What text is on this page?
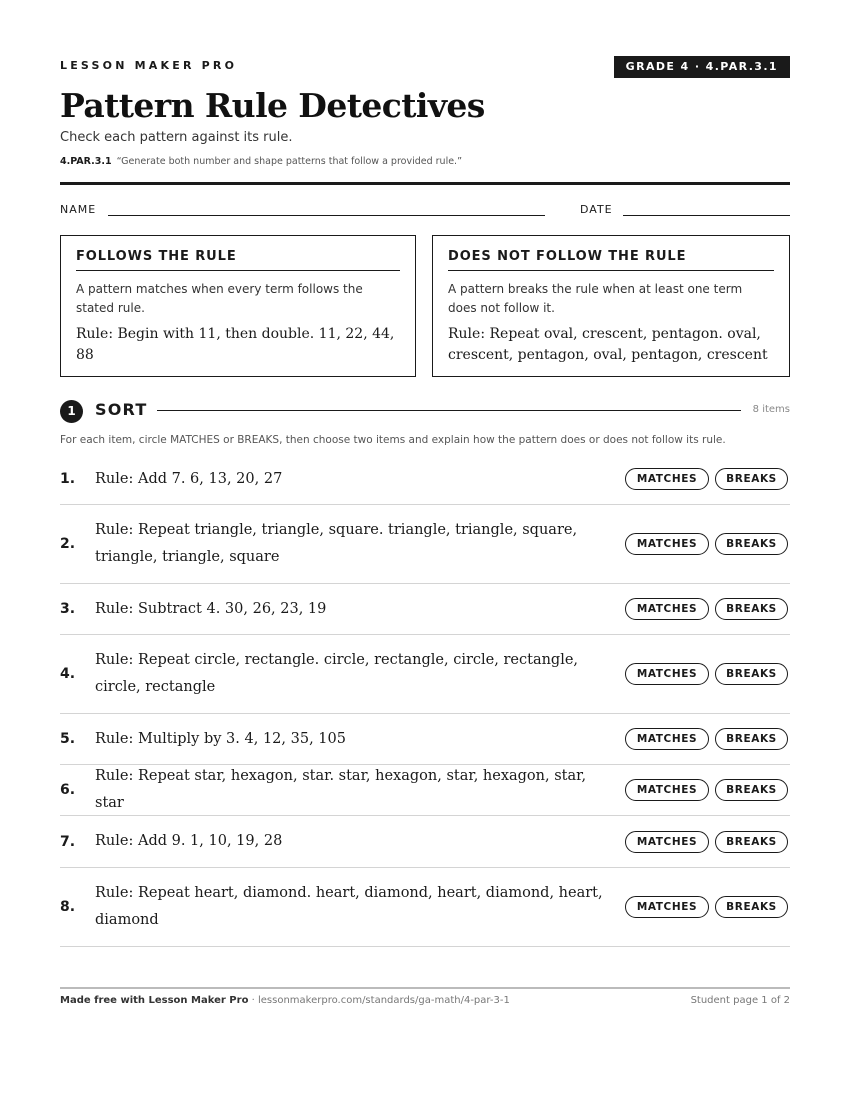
LESSON MAKER PRO	GRADE 4 · 4.PAR.3.1
Pattern Rule Detectives
Check each pattern against its rule.
4.PAR.3.1 “Generate both number and shape patterns that follow a provided rule.”
NAME	DATE
FOLLOWS THE RULE
A pattern matches when every term follows the stated rule.
Rule: Begin with 11, then double. 11, 22, 44, 88
DOES NOT FOLLOW THE RULE
A pattern breaks the rule when at least one term does not follow it.
Rule: Repeat oval, crescent, pentagon. oval, crescent, pentagon, oval, pentagon, crescent
1	SORT	8 items
For each item, circle MATCHES or BREAKS, then choose two items and explain how the pattern does or does not follow its rule.
1.	Rule: Add 7. 6, 13, 20, 27	MATCHES	BREAKS
2.
Rule: Repeat triangle, triangle, square. triangle, triangle, square, triangle, triangle, square
MATCHES	BREAKS
3.	Rule: Subtract 4. 30, 26, 23, 19	MATCHES	BREAKS
4.
Rule: Repeat circle, rectangle. circle, rectangle, circle, rectangle, circle, rectangle
MATCHES	BREAKS
5.	Rule: Multiply by 3. 4, 12, 35, 105	MATCHES	BREAKS
6.
Rule: Repeat star, hexagon, star. star, hexagon, star, hexagon, star, star
MATCHES	BREAKS
7.	Rule: Add 9. 1, 10, 19, 28	MATCHES	BREAKS
8.
Rule: Repeat heart, diamond. heart, diamond, heart, diamond, heart, diamond
MATCHES	BREAKS
Made free with Lesson Maker Pro · lessonmakerpro.com/standards/ga-math/4-par-3-1	Student page 1 of 2
